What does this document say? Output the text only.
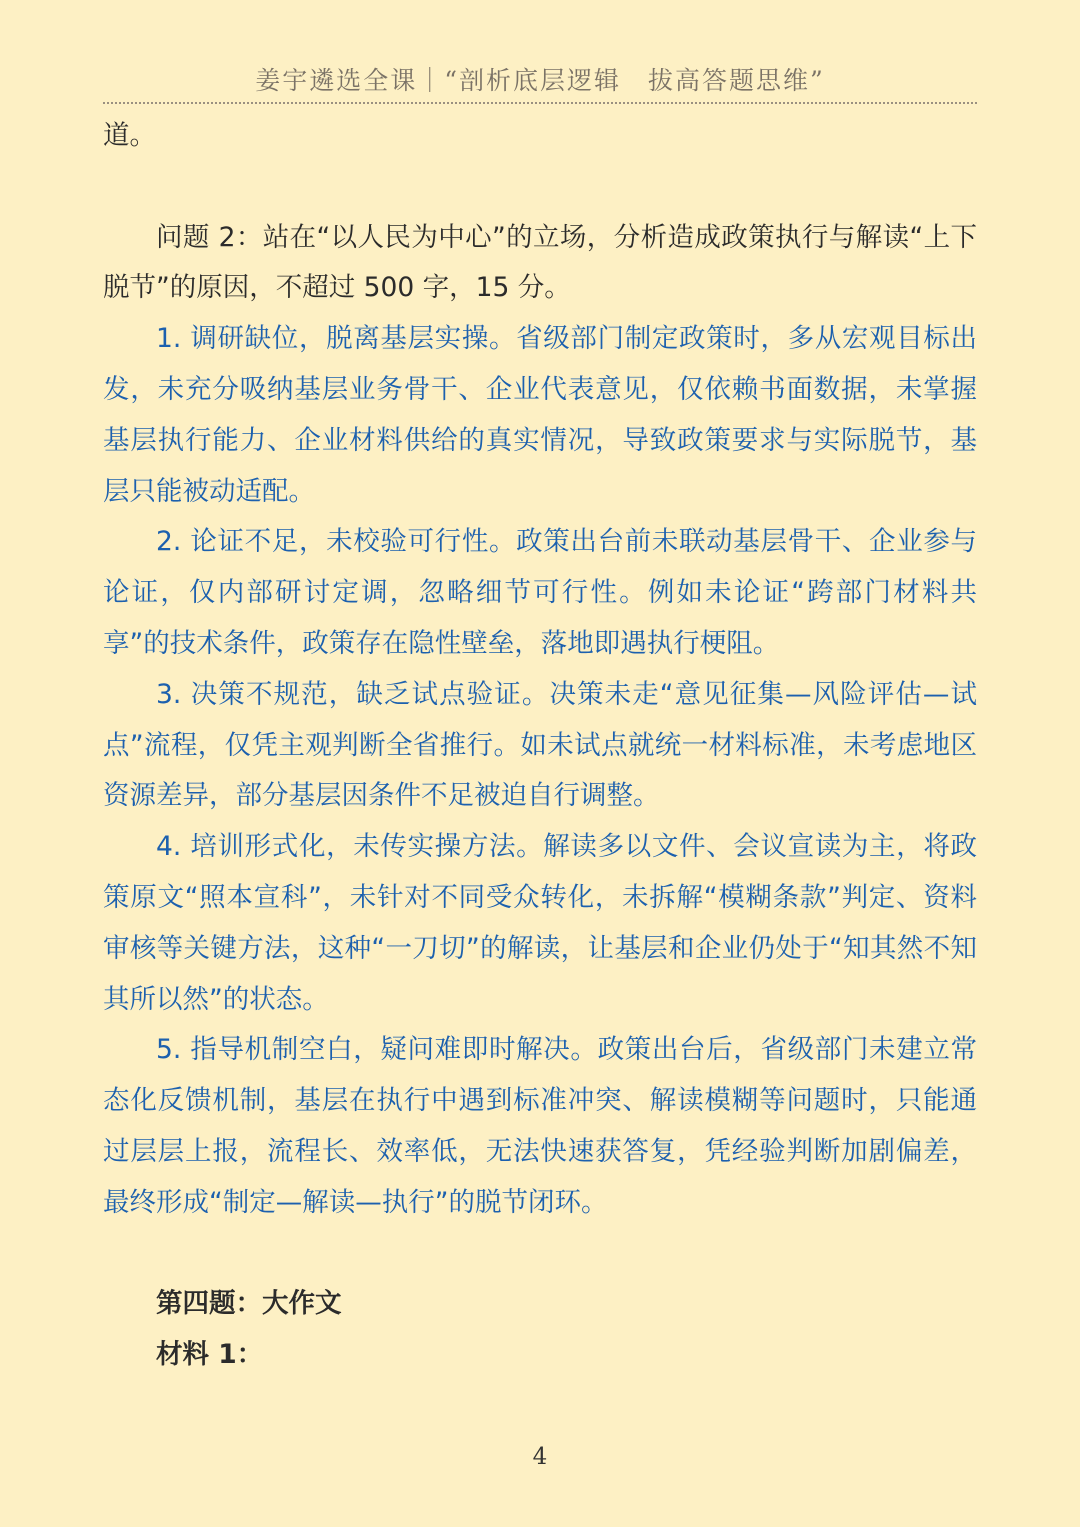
姜宇遴选全课｜“剖析底层逻辑　拔高答题思维”

道。

问题 2：站在“以人民为中心”的立场，分析造成政策执行与解读“上下脱节”的原因，不超过 500 字，15 分。

1. 调研缺位，脱离基层实操。省级部门制定政策时，多从宏观目标出发，未充分吸纳基层业务骨干、企业代表意见，仅依赖书面数据，未掌握基层执行能力、企业材料供给的真实情况，导致政策要求与实际脱节，基层只能被动适配。

2. 论证不足，未校验可行性。政策出台前未联动基层骨干、企业参与论证，仅内部研讨定调，忽略细节可行性。例如未论证“跨部门材料共享”的技术条件，政策存在隐性壁垒，落地即遇执行梗阻。

3. 决策不规范，缺乏试点验证。决策未走“意见征集—风险评估—试点”流程，仅凭主观判断全省推行。如未试点就统一材料标准，未考虑地区资源差异，部分基层因条件不足被迫自行调整。

4. 培训形式化，未传实操方法。解读多以文件、会议宣读为主，将政策原文“照本宣科”，未针对不同受众转化，未拆解“模糊条款”判定、资料审核等关键方法，这种“一刀切”的解读，让基层和企业仍处于“知其然不知其所以然”的状态。

5. 指导机制空白，疑问难即时解决。政策出台后，省级部门未建立常态化反馈机制，基层在执行中遇到标准冲突、解读模糊等问题时，只能通过层层上报，流程长、效率低，无法快速获答复，凭经验判断加剧偏差，最终形成“制定—解读—执行”的脱节闭环。

第四题：大作文

材料 1：

4
